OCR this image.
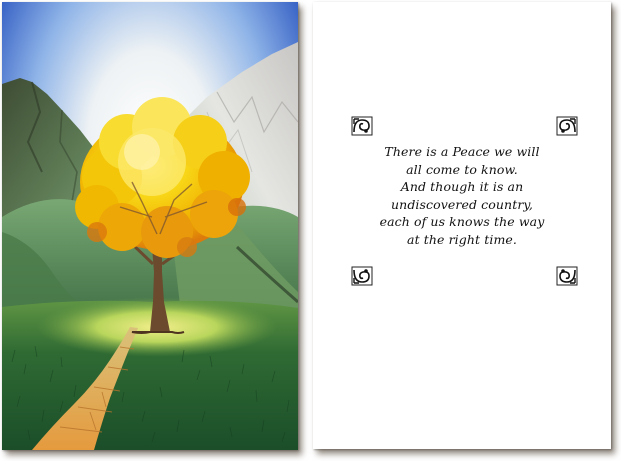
There is a Peace we will
all come to know.
And though it is an
undiscovered country,
each of us knows the way
at the right time.
